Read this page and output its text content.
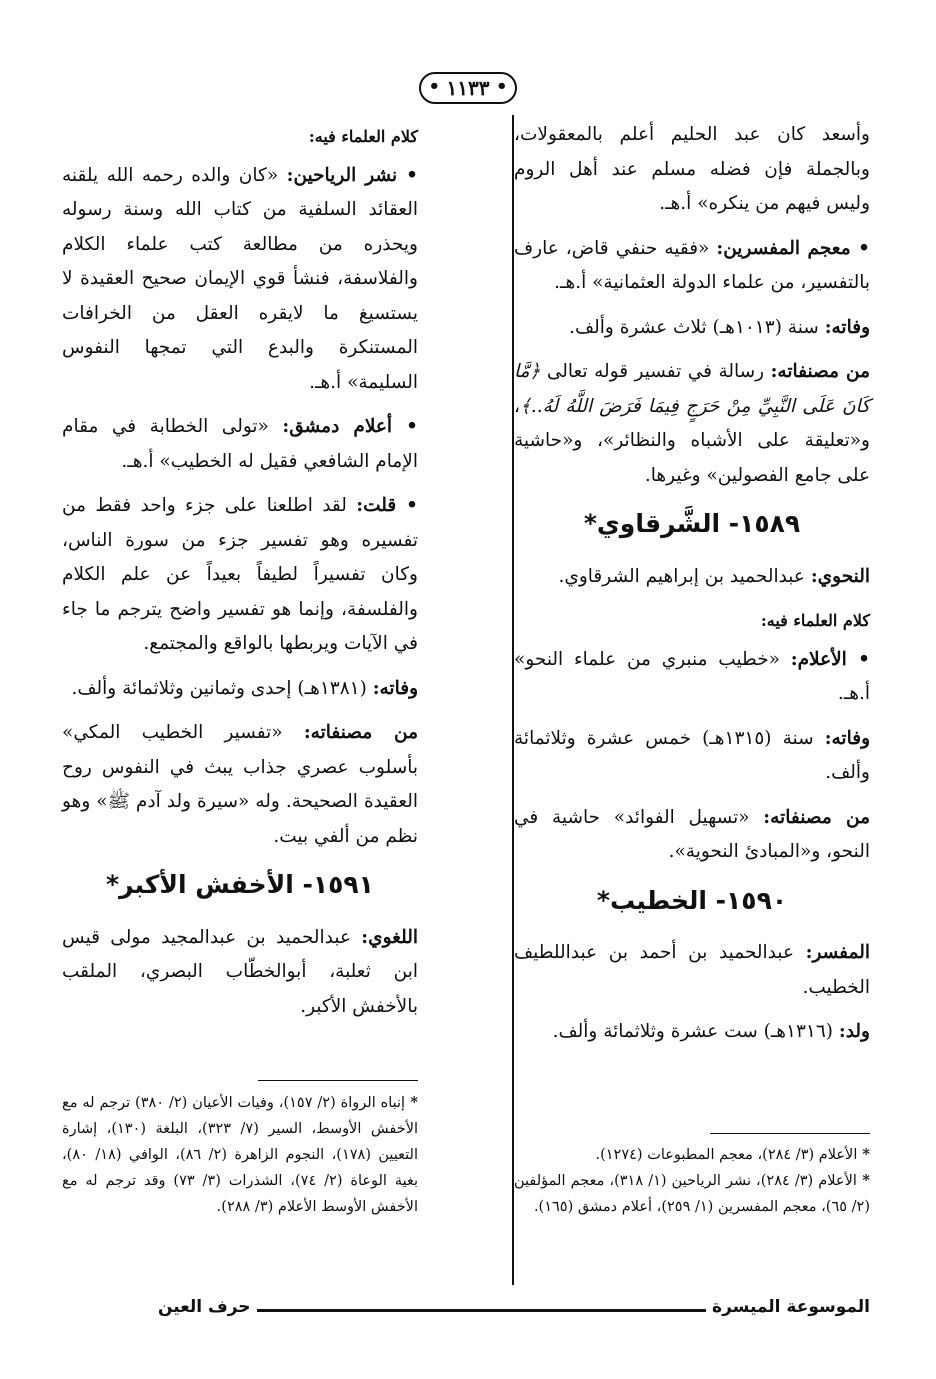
• ١١٣٣ •

وأسعد كان عبد الحليم أعلم بالمعقولات، وبالجملة فإن فضله مسلم عند أهل الروم وليس فيهم من ينكره» أ.هـ.

• معجم المفسرين: «فقيه حنفي قاض، عارف بالتفسير، من علماء الدولة العثمانية» أ.هـ.

وفاته: سنة (١٠١٣هـ) ثلاث عشرة وألف.

من مصنفاته: رسالة في تفسير قوله تعالى ﴿مَّا كَانَ عَلَى النَّبِيِّ مِنْ حَرَجٍ فِيمَا فَرَضَ اللَّهُ لَهُ..﴾، و«تعليقة على الأشباه والنظائر»، و«حاشية على جامع الفصولين» وغيرها.

١٥٨٩- الشَّرقاوي*

النحوي: عبدالحميد بن إبراهيم الشرقاوي.

كلام العلماء فيه:

• الأعلام: «خطيب منبري من علماء النحو» أ.هـ.

وفاته: سنة (١٣١٥هـ) خمس عشرة وثلاثمائة وألف.

من مصنفاته: «تسهيل الفوائد» حاشية في النحو، و«المبادئ النحوية».

١٥٩٠- الخطيب*

المفسر: عبدالحميد بن أحمد بن عبداللطيف الخطيب.

ولد: (١٣١٦هـ) ست عشرة وثلاثمائة وألف.

* الأعلام (٣/ ٢٨٤)، معجم المطبوعات (١٢٧٤).
* الأعلام (٣/ ٢٨٤)، نشر الرياحين (١/ ٣١٨)، معجم المؤلفين (٢/ ٦٥)، معجم المفسرين (١/ ٢٥٩)، أعلام دمشق (١٦٥).
كلام العلماء فيه:

• نشر الرياحين: «كان والده رحمه الله يلقنه العقائد السلفية من كتاب الله وسنة رسوله ويحذره من مطالعة كتب علماء الكلام والفلاسفة، فنشأ قوي الإيمان صحيح العقيدة لا يستسيغ ما لايقره العقل من الخرافات المستنكرة والبدع التي تمجها النفوس السليمة» أ.هـ.

• أعلام دمشق: «تولى الخطابة في مقام الإمام الشافعي فقيل له الخطيب» أ.هـ.

• قلت: لقد اطلعنا على جزء واحد فقط من تفسيره وهو تفسير جزء من سورة الناس، وكان تفسيراً لطيفاً بعيداً عن علم الكلام والفلسفة، وإنما هو تفسير واضح يترجم ما جاء في الآيات ويربطها بالواقع والمجتمع.

وفاته: (١٣٨١هـ) إحدى وثمانين وثلاثمائة وألف.

من مصنفاته: «تفسير الخطيب المكي» بأسلوب عصري جذاب يبث في النفوس روح العقيدة الصحيحة. وله «سيرة ولد آدم ﷺ» وهو نظم من ألفي بيت.

١٥٩١- الأخفش الأكبر*

اللغوي: عبدالحميد بن عبدالمجيد مولى قيس ابن ثعلبة، أبوالخطّاب البصري، الملقب بالأخفش الأكبر.

* إنباه الرواة (٢/ ١٥٧)، وفيات الأعيان (٢/ ٣٨٠) ترجم له مع الأخفش الأوسط، السير (٧/ ٣٢٣)، البلغة (١٣٠)، إشارة التعيين (١٧٨)، النجوم الزاهرة (٢/ ٨٦)، الوافي (١٨/ ٨٠)، بغية الوعاة (٢/ ٧٤)، الشذرات (٣/ ٧٣) وقد ترجم له مع الأخفش الأوسط الأعلام (٣/ ٢٨٨).
الموسوعة الميسرة
حرف العين
